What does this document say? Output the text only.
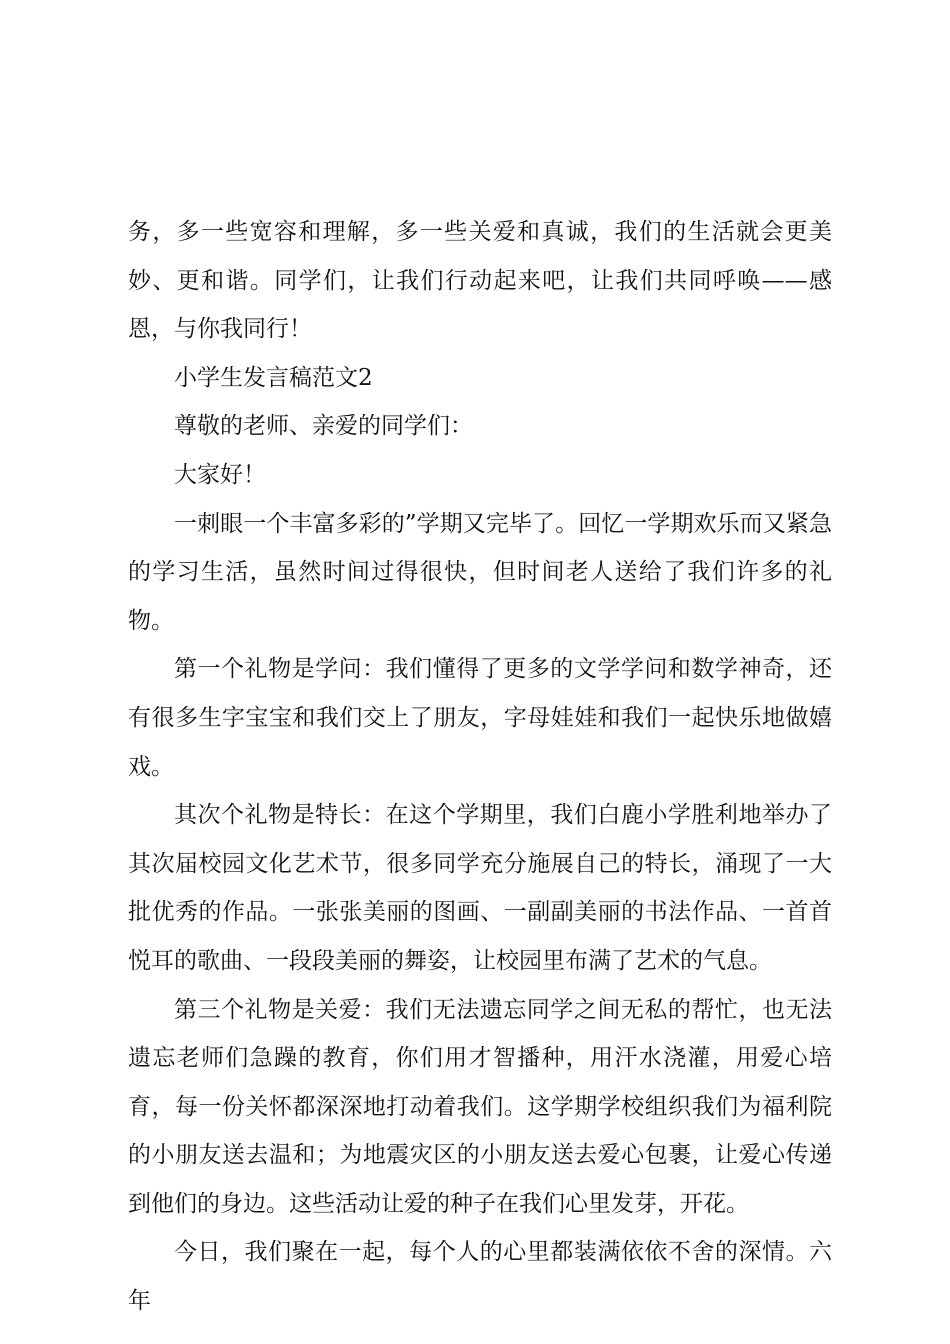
务，多一些宽容和理解，多一些关爱和真诚，我们的生活就会更美妙、更和谐。同学们，让我们行动起来吧，让我们共同呼唤——感恩，与你我同行！

小学生发言稿范文2

尊敬的老师、亲爱的同学们：

大家好！

一刺眼一个丰富多彩的”学期又完毕了。回忆一学期欢乐而又紧急的学习生活，虽然时间过得很快，但时间老人送给了我们许多的礼物。

第一个礼物是学问：我们懂得了更多的文学学问和数学神奇，还有很多生字宝宝和我们交上了朋友，字母娃娃和我们一起快乐地做嬉戏。

其次个礼物是特长：在这个学期里，我们白鹿小学胜利地举办了其次届校园文化艺术节，很多同学充分施展自己的特长，涌现了一大批优秀的作品。一张张美丽的图画、一副副美丽的书法作品、一首首悦耳的歌曲、一段段美丽的舞姿，让校园里布满了艺术的气息。

第三个礼物是关爱：我们无法遗忘同学之间无私的帮忙，也无法遗忘老师们急躁的教育，你们用才智播种，用汗水浇灌，用爱心培育，每一份关怀都深深地打动着我们。这学期学校组织我们为福利院的小朋友送去温和；为地震灾区的小朋友送去爱心包裹，让爱心传递到他们的身边。这些活动让爱的种子在我们心里发芽，开花。

今日，我们聚在一起，每个人的心里都装满依依不舍的深情。六年
